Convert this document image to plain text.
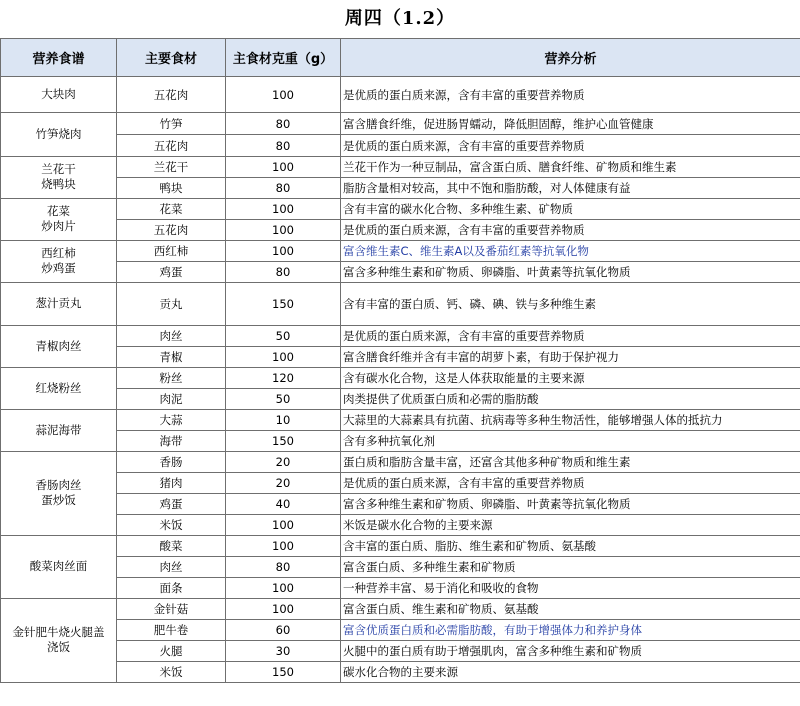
周四（1.2）
营养食谱	主要食材	主食材克重（g）	营养分析
大块肉	五花肉	100	是优质的蛋白质来源，含有丰富的重要营养物质
竹笋烧肉	竹笋	80	富含膳食纤维，促进肠胃蠕动，降低胆固醇，维护心血管健康
	五花肉	80	是优质的蛋白质来源，含有丰富的重要营养物质
兰花干
烧鸭块	兰花干	100	兰花干作为一种豆制品，富含蛋白质、膳食纤维、矿物质和维生素
	鸭块	80	脂肪含量相对较高，其中不饱和脂肪酸，对人体健康有益
花菜
炒肉片	花菜	100	含有丰富的碳水化合物、多种维生素、矿物质
	五花肉	100	是优质的蛋白质来源，含有丰富的重要营养物质
西红柿
炒鸡蛋	西红柿	100	富含维生素C、维生素A以及番茄红素等抗氧化物
	鸡蛋	80	富含多种维生素和矿物质、卵磷脂、叶黄素等抗氧化物质
葱汁贡丸	贡丸	150	含有丰富的蛋白质、钙、磷、碘、铁与多种维生素
青椒肉丝	肉丝	50	是优质的蛋白质来源，含有丰富的重要营养物质
	青椒	100	富含膳食纤维并含有丰富的胡萝卜素，有助于保护视力
红烧粉丝	粉丝	120	含有碳水化合物，这是人体获取能量的主要来源
	肉泥	50	肉类提供了优质蛋白质和必需的脂肪酸
蒜泥海带	大蒜	10	大蒜里的大蒜素具有抗菌、抗病毒等多种生物活性，能够增强人体的抵抗力
	海带	150	含有多种抗氧化剂
香肠肉丝
蛋炒饭	香肠	20	蛋白质和脂肪含量丰富，还富含其他多种矿物质和维生素
	猪肉	20	是优质的蛋白质来源，含有丰富的重要营养物质
	鸡蛋	40	富含多种维生素和矿物质、卵磷脂、叶黄素等抗氧化物质
	米饭	100	米饭是碳水化合物的主要来源
酸菜肉丝面	酸菜	100	含丰富的蛋白质、脂肪、维生素和矿物质、氨基酸
	肉丝	80	富含蛋白质、多种维生素和矿物质
	面条	100	一种营养丰富、易于消化和吸收的食物
金针肥牛烧火腿盖
浇饭	金针菇	100	富含蛋白质、维生素和矿物质、氨基酸
	肥牛卷	60	富含优质蛋白质和必需脂肪酸，有助于增强体力和养护身体
	火腿	30	火腿中的蛋白质有助于增强肌肉，富含多种维生素和矿物质
	米饭	150	碳水化合物的主要来源
